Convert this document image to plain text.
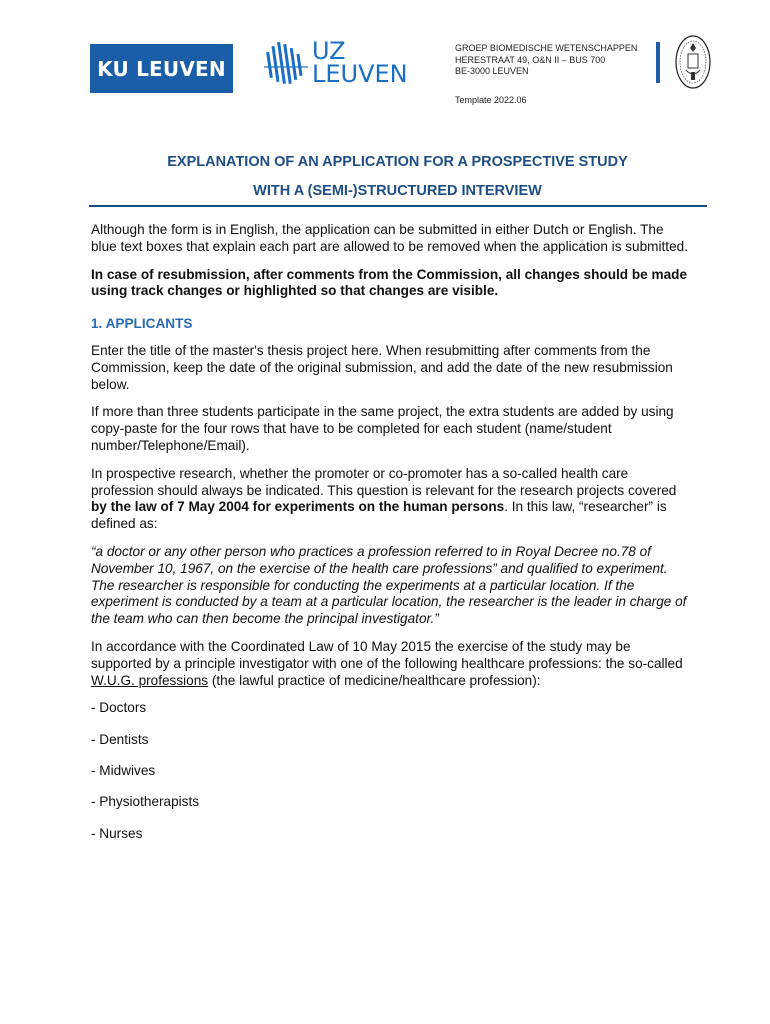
KU LEUVEN
UZ
LEUVEN
GROEP BIOMEDISCHE WETENSCHAPPEN
HERESTRAAT 49, O&N II – BUS 700
BE-3000 LEUVEN
Template 2022.06
EXPLANATION OF AN APPLICATION FOR A PROSPECTIVE STUDY
WITH A (SEMI-)STRUCTURED INTERVIEW

Although the form is in English, the application can be submitted in either Dutch or English. The blue text boxes that explain each part are allowed to be removed when the application is submitted.

In case of resubmission, after comments from the Commission, all changes should be made using track changes or highlighted so that changes are visible.

1. APPLICANTS

Enter the title of the master's thesis project here. When resubmitting after comments from the Commission, keep the date of the original submission, and add the date of the new resubmission below.

If more than three students participate in the same project, the extra students are added by using copy-paste for the four rows that have to be completed for each student (name/student number/Telephone/Email).

In prospective research, whether the promoter or co-promoter has a so-called health care profession should always be indicated. This question is relevant for the research projects covered by the law of 7 May 2004 for experiments on the human persons. In this law, “researcher” is defined as:

“a doctor or any other person who practices a profession referred to in Royal Decree no.78 of November 10, 1967, on the exercise of the health care professions” and qualified to experiment. The researcher is responsible for conducting the experiments at a particular location. If the experiment is conducted by a team at a particular location, the researcher is the leader in charge of the team who can then become the principal investigator.”

In accordance with the Coordinated Law of 10 May 2015 the exercise of the study may be supported by a principle investigator with one of the following healthcare professions: the so-called W.U.G. professions (the lawful practice of medicine/healthcare profession):

- Doctors

- Dentists

- Midwives

- Physiotherapists

- Nurses
